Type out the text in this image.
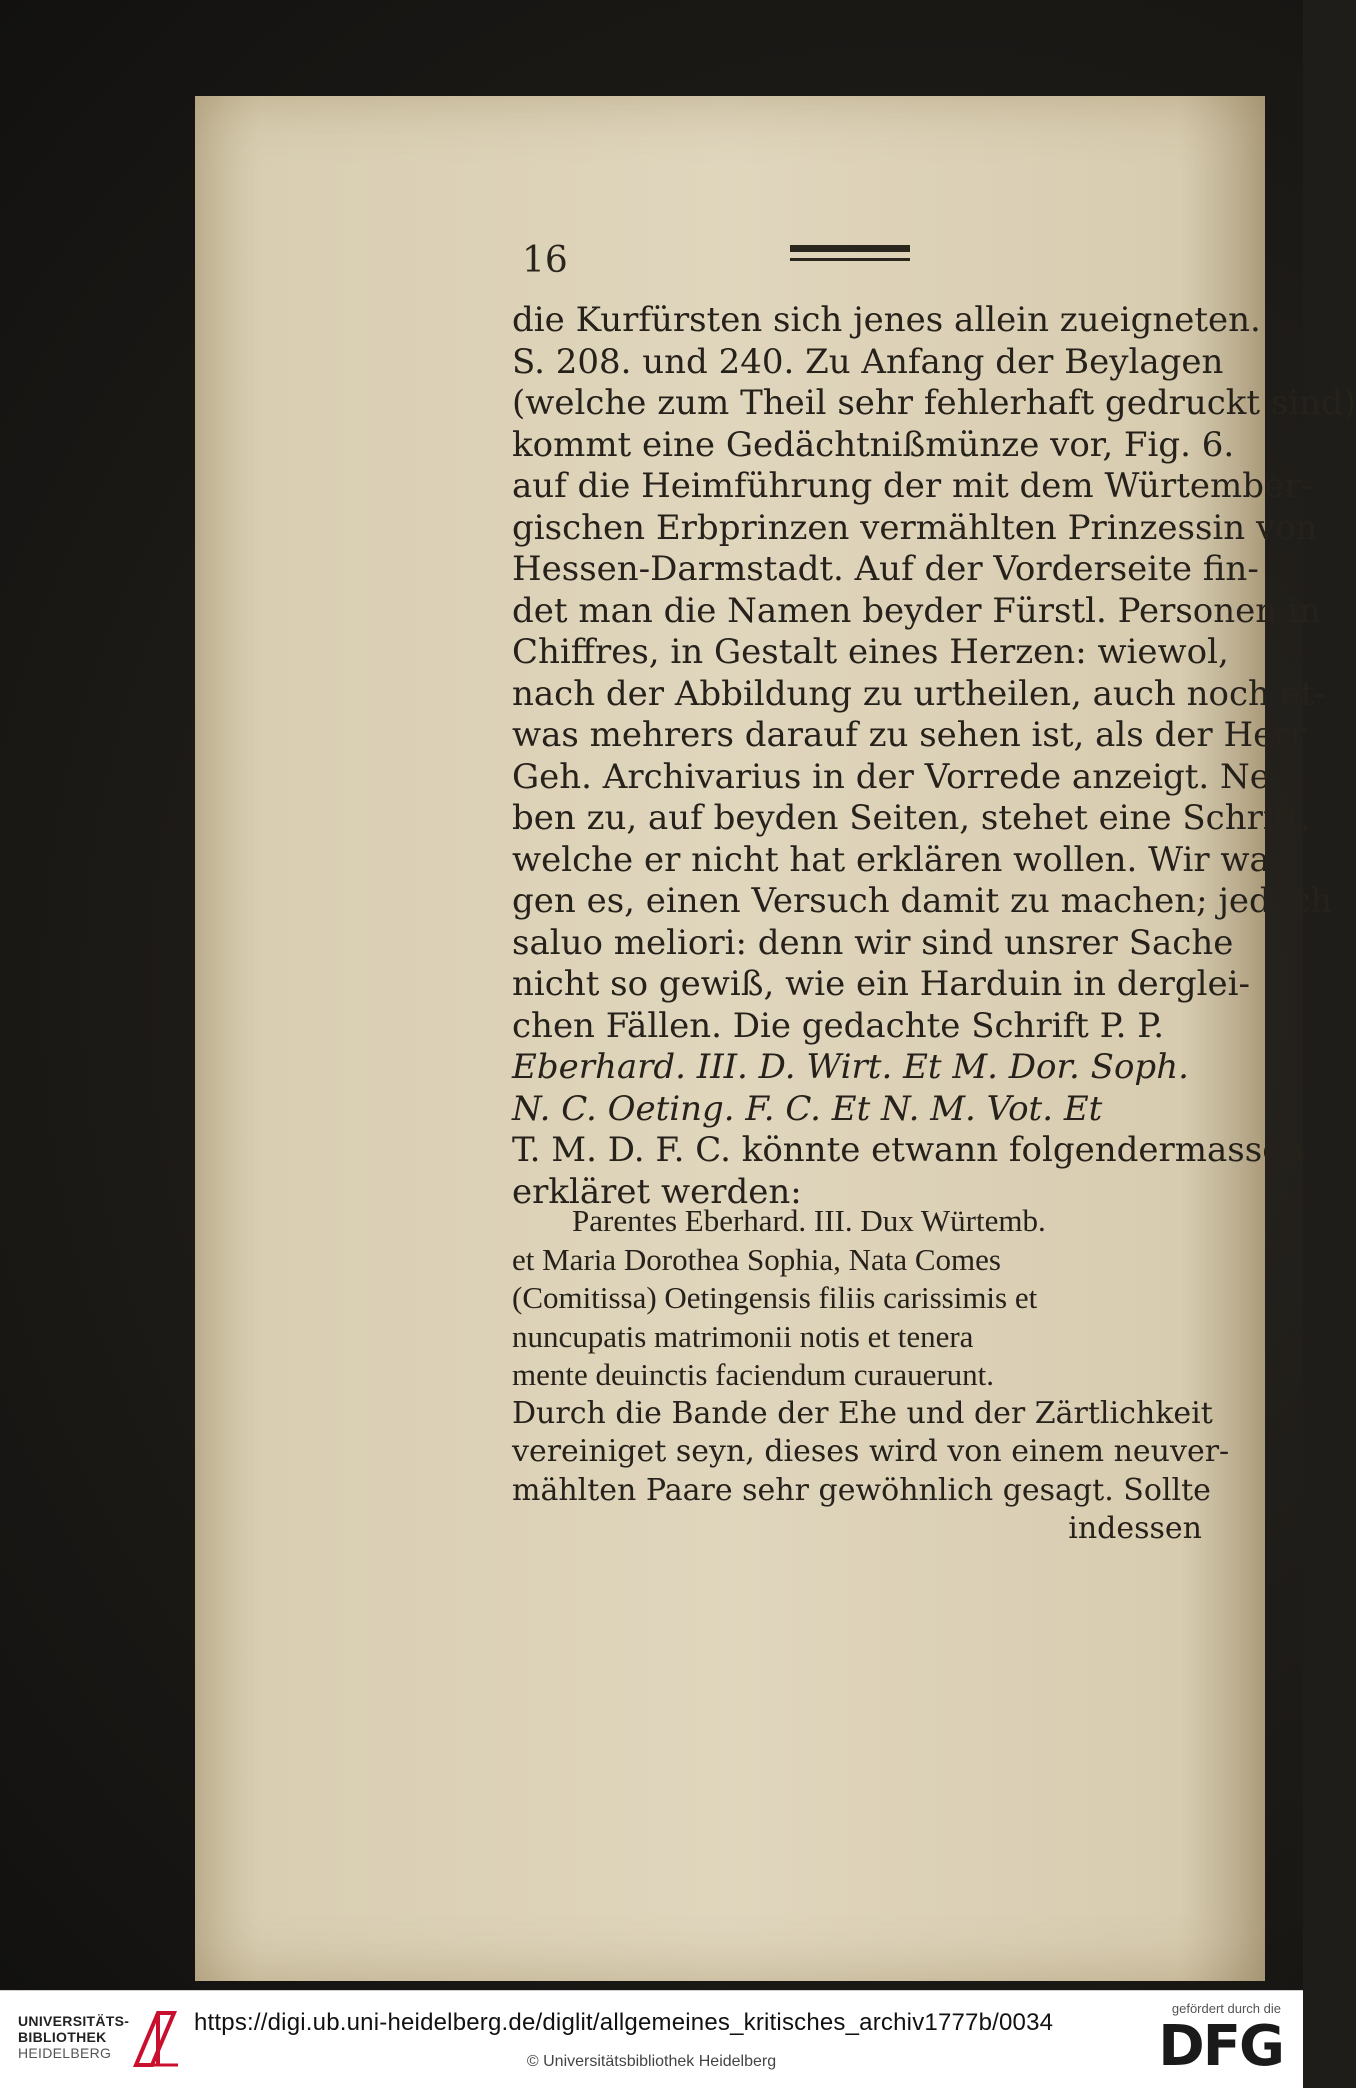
16
die Kurfürsten sich jenes allein zueigneten.
S. 208. und 240. Zu Anfang der Beylagen
(welche zum Theil sehr fehlerhaft gedruckt sind)
kommt eine Gedächtnißmünze vor, Fig. 6.
auf die Heimführung der mit dem Würtember-
gischen Erbprinzen vermählten Prinzessin von
Hessen-Darmstadt. Auf der Vorderseite fin-
det man die Namen beyder Fürstl. Personen in
Chiffres, in Gestalt eines Herzen: wiewol,
nach der Abbildung zu urtheilen, auch noch et-
was mehrers darauf zu sehen ist, als der Herr
Geh. Archivarius in der Vorrede anzeigt. Ne-
ben zu, auf beyden Seiten, stehet eine Schrift,
welche er nicht hat erklären wollen. Wir wa-
gen es, einen Versuch damit zu machen; jedoch
saluo meliori: denn wir sind unsrer Sache
nicht so gewiß, wie ein Harduin in derglei-
chen Fällen. Die gedachte Schrift P. P.
Eberhard. III. D. Wirt. Et M. Dor. Soph.
N. C. Oeting. F. C. Et N. M. Vot. Et
T. M. D. F. C. könnte etwann folgendermassen
erkläret werden:
Parentes Eberhard. III. Dux Würtemb.
et Maria Dorothea Sophia, Nata Comes
(Comitissa) Oetingensis filiis carissimis et
nuncupatis matrimonii notis et tenera
mente deuinctis faciendum curauerunt.
Durch die Bande der Ehe und der Zärtlichkeit
vereiniget seyn, dieses wird von einem neuver-
mählten Paare sehr gewöhnlich gesagt. Sollte
indessen
UNIVERSITÄTS-
BIBLIOTHEK
HEIDELBERG
https://digi.ub.uni-heidelberg.de/diglit/allgemeines_kritisches_archiv1777b/0034
© Universitätsbibliothek Heidelberg
gefördert durch die
DFG
